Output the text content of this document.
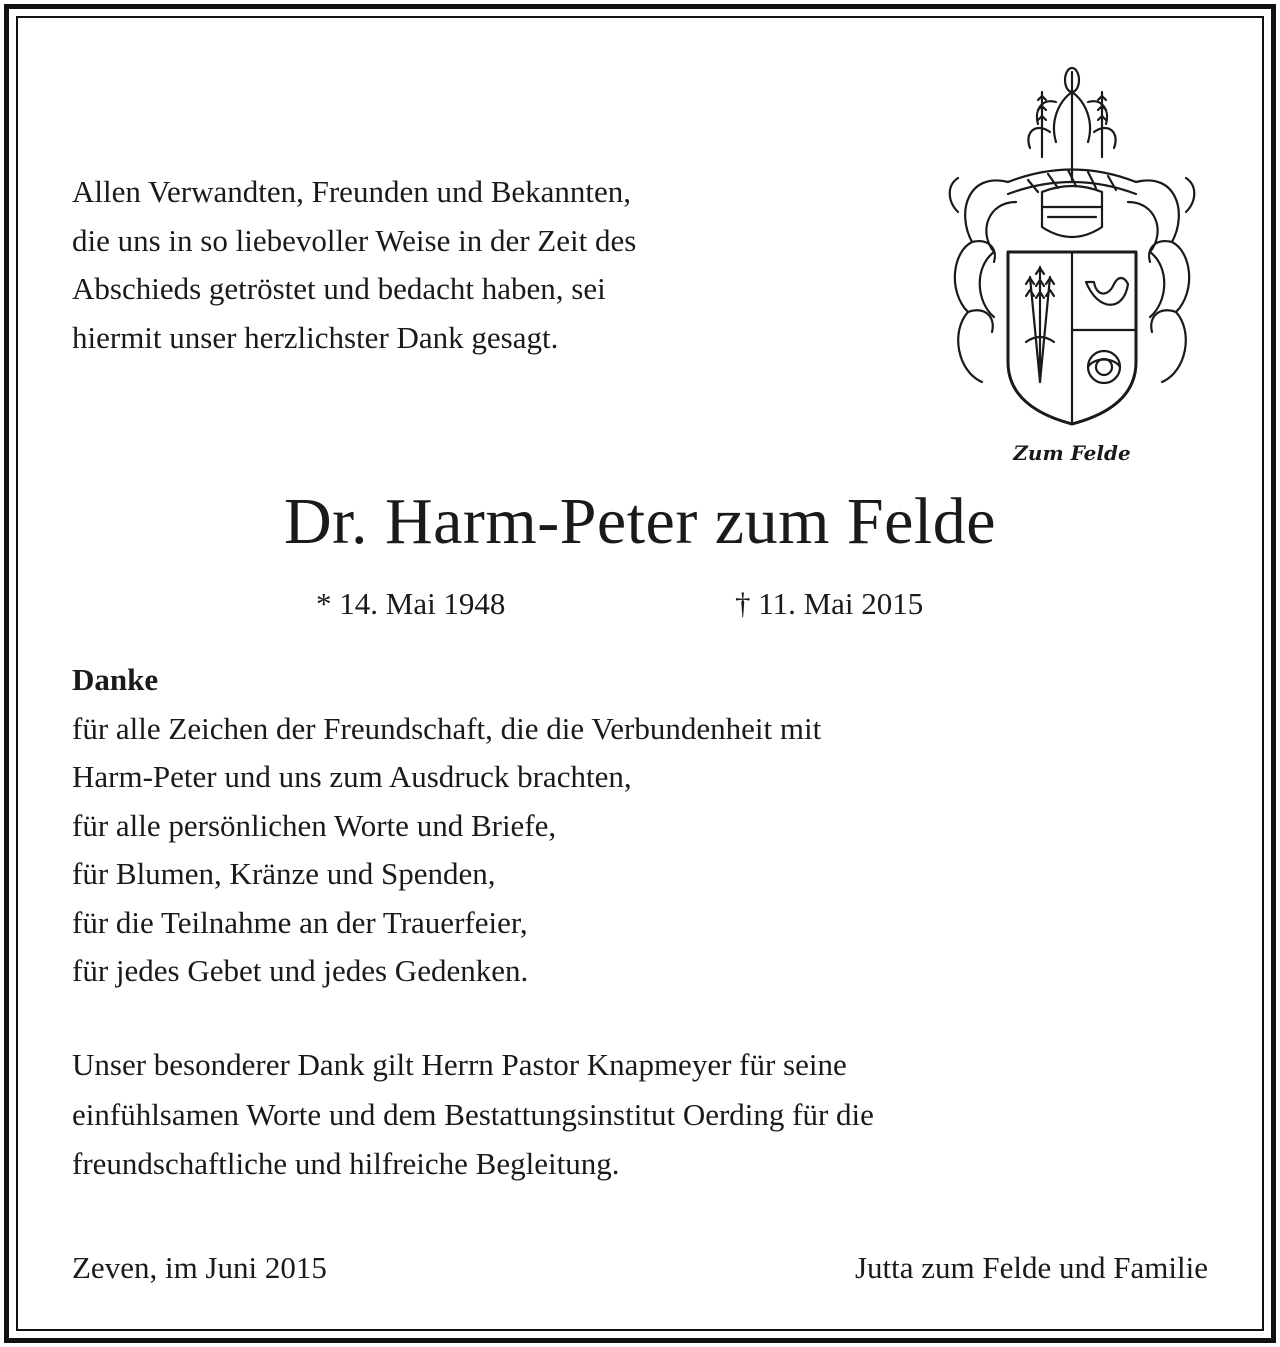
Allen Verwandten, Freunden und Bekannten,
die uns in so liebevoller Weise in der Zeit des
Abschieds getröstet und bedacht haben, sei
hiermit unser herzlichster Dank gesagt.
Zum Felde
Dr. Harm-Peter zum Felde
* 14. Mai 1948	† 11. Mai 2015
Danke
für alle Zeichen der Freundschaft, die die Verbundenheit mit
Harm-Peter und uns zum Ausdruck brachten,
für alle persönlichen Worte und Briefe,
für Blumen, Kränze und Spenden,
für die Teilnahme an der Trauerfeier,
für jedes Gebet und jedes Gedenken.
Unser besonderer Dank gilt Herrn Pastor Knapmeyer für seine
einfühlsamen Worte und dem Bestattungsinstitut Oerding für die
freundschaftliche und hilfreiche Begleitung.
Zeven, im Juni 2015	Jutta zum Felde und Familie
